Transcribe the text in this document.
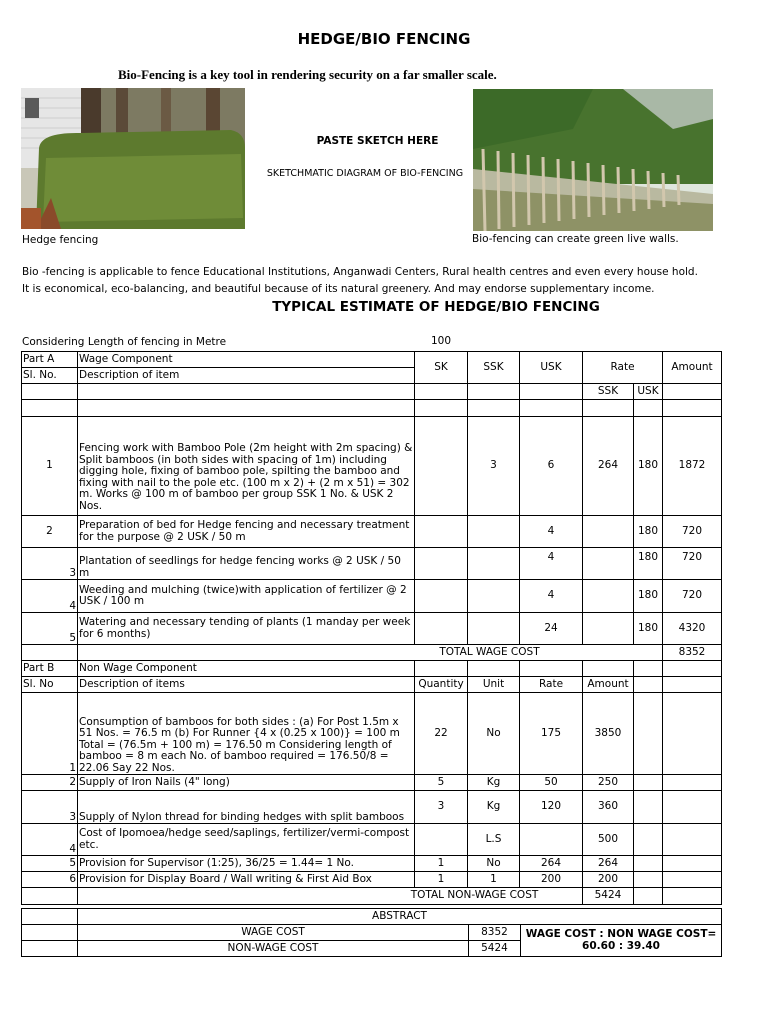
HEDGE/BIO FENCING
Bio-Fencing is a key tool in rendering security on a far smaller scale.
Hedge fencing
PASTE SKETCH HERE
SKETCHMATIC DIAGRAM OF BIO-FENCING
Bio-fencing can create green live walls.
Bio -fencing is applicable to fence Educational Institutions, Anganwadi Centers, Rural health centres and even every house hold.
It is economical, eco-balancing, and beautiful because of its natural greenery. And may endorse supplementary income.
TYPICAL ESTIMATE OF HEDGE/BIO FENCING
Considering Length of fencing in Metre	100
Part A	Wage Component	SK	SSK	USK	Rate		Amount
Sl. No.	Description of item						
					SSK	USK	

1	Fencing work with Bamboo Pole (2m height with 2m spacing) & Split bamboos (in both sides with spacing of 1m) including digging hole, fixing of bamboo pole, spilting the bamboo and fixing with nail to the pole etc. (100 m x 2) + (2 m x 51) = 302 m. Works @ 100 m of bamboo per group SSK 1 No. & USK 2 Nos.		3	6	264	180	1872
2	Preparation of bed for Hedge fencing and necessary treatment for the purpose @ 2 USK / 50 m			4		180	720
3	Plantation of seedlings for hedge fencing works @ 2 USK / 50 m			4		180	720
4	Weeding and mulching (twice)with application of fertilizer @ 2 USK / 100 m			4		180	720
5	Watering and necessary tending of plants (1 manday per week for 6 months)			24		180	4320
	TOTAL WAGE COST						8352
Part B	Non Wage Component						
Sl. No	Description of items	Quantity	Unit	Rate	Amount		
1	Consumption of bamboos for both sides : (a) For Post 1.5m x 51 Nos. = 76.5 m (b) For Runner {4 x (0.25 x 100)} = 100 m Total = (76.5m + 100 m) = 176.50 m Considering length of bamboo = 8 m each No. of bamboo required = 176.50/8 = 22.06 Say 22 Nos.	22	No	175	3850		
2	Supply of Iron Nails (4" long)	5	Kg	50	250		
3	Supply of Nylon thread for binding hedges with split bamboos	3	Kg	120	360		
4	Cost of Ipomoea/hedge seed/saplings, fertilizer/vermi-compost etc.		L.S		500		
5	Provision for Supervisor (1:25), 36/25 = 1.44= 1 No.	1	No	264	264		
6	Provision for Display Board / Wall writing & First Aid Box	1	1	200	200		
	TOTAL NON-WAGE COST				5424		
	ABSTRACT		
	WAGE COST	8352	WAGE COST : NON WAGE COST=
60.60 : 39.40
	NON-WAGE COST	5424	
